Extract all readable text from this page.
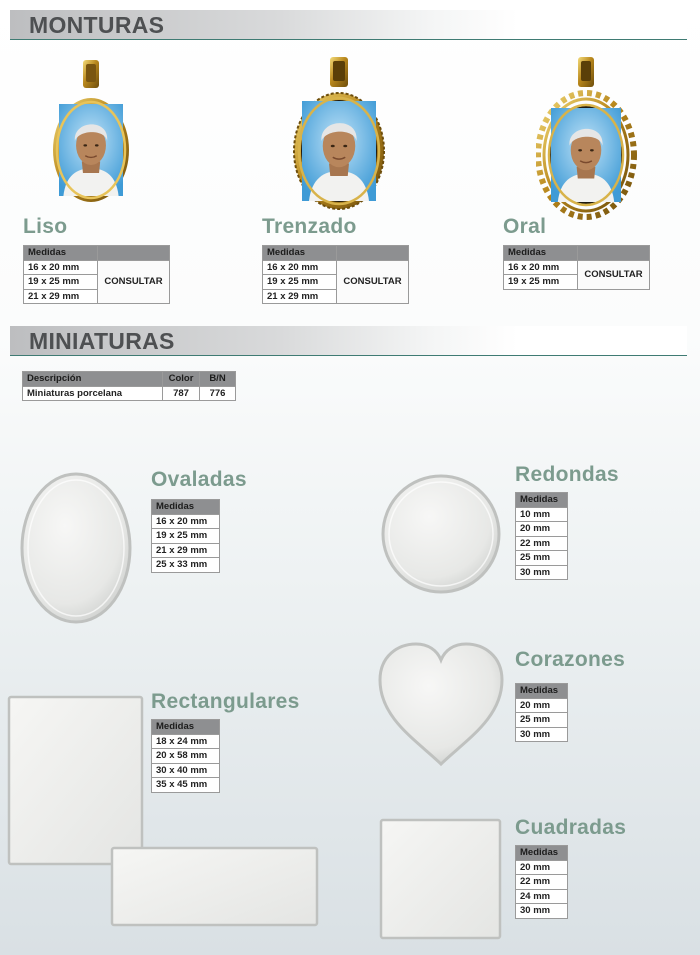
MONTURAS
Liso
Medidas	
16 x 20 mm	CONSULTAR
19 x 25 mm	
21 x 29 mm	
Trenzado
Medidas	
16 x 20 mm	CONSULTAR
19 x 25 mm	
21 x 29 mm	
Oral
Medidas	
16 x 20 mm	CONSULTAR
19 x 25 mm	
MINIATURAS
Descripción	Color	B/N
Miniaturas porcelana	787	776
Ovaladas
Medidas
16 x 20 mm
19 x 25 mm
21 x 29 mm
25 x 33 mm
Redondas
Medidas
10 mm
20 mm
22 mm
25 mm
30 mm
Corazones
Medidas
20 mm
25 mm
30 mm
Rectangulares
Medidas
18 x 24 mm
20 x 58 mm
30 x 40 mm
35 x 45 mm
Cuadradas
Medidas
20 mm
22 mm
24 mm
30 mm
